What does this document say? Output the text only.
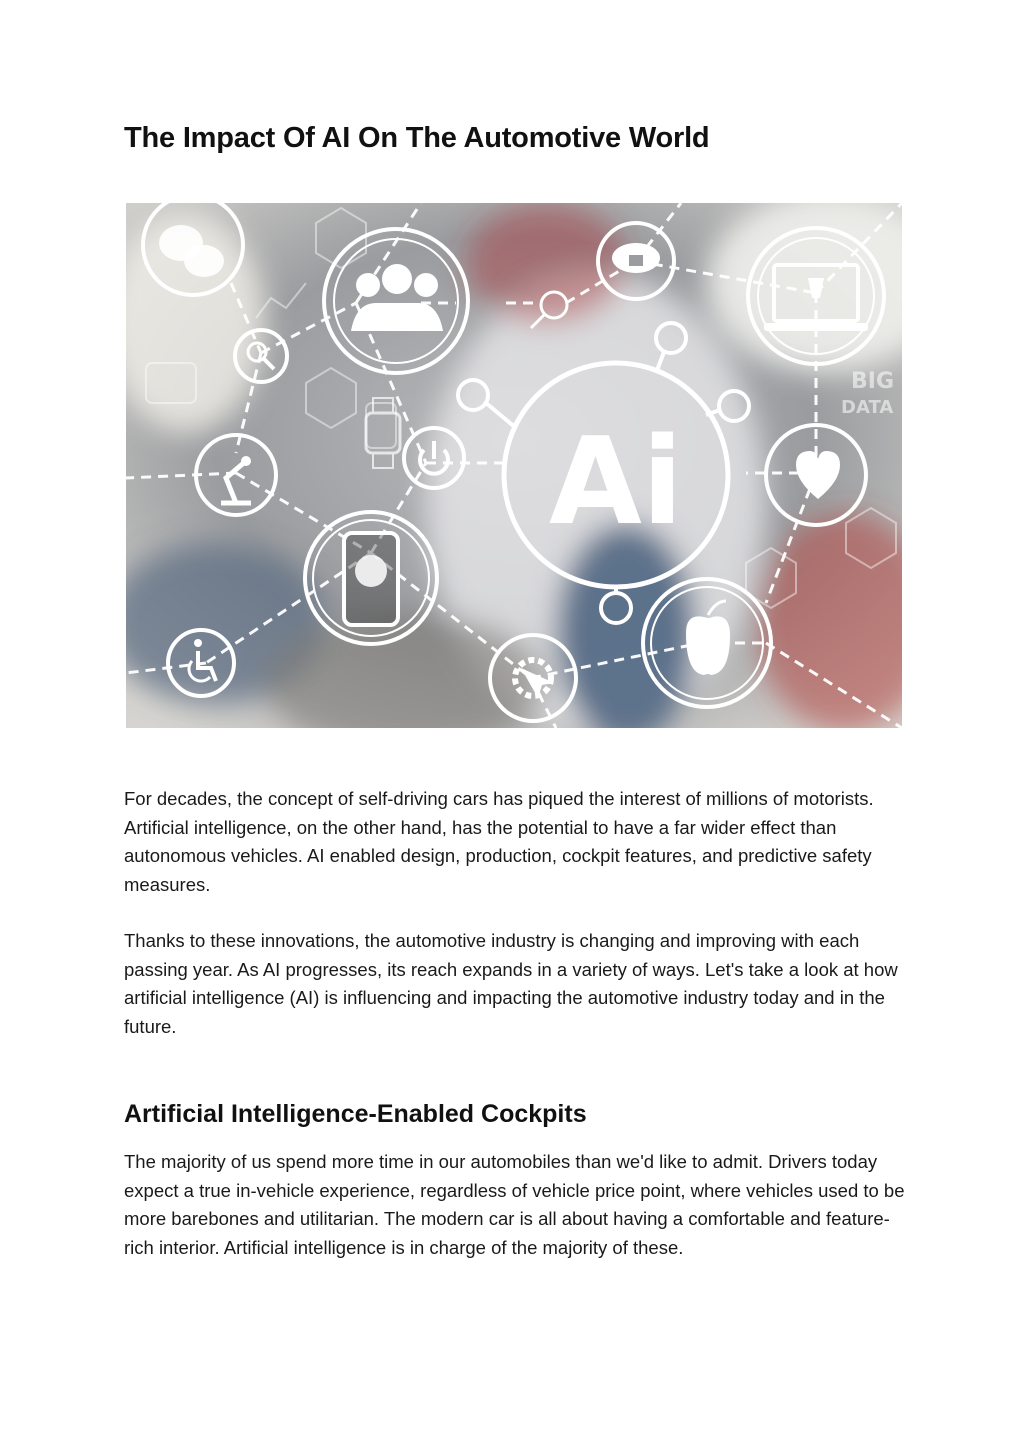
The Impact Of AI On The Automotive World
BIG
DATA
Ai

For decades, the concept of self-driving cars has piqued the interest of millions of motorists. Artificial intelligence, on the other hand, has the potential to have a far wider effect than autonomous vehicles. AI enabled design, production, cockpit features, and predictive safety measures.

Thanks to these innovations, the automotive industry is changing and improving with each passing year. As AI progresses, its reach expands in a variety of ways. Let's take a look at how artificial intelligence (AI) is influencing and impacting the automotive industry today and in the future.

Artificial Intelligence-Enabled Cockpits

The majority of us spend more time in our automobiles than we'd like to admit. Drivers today expect a true in-vehicle experience, regardless of vehicle price point, where vehicles used to be more barebones and utilitarian. The modern car is all about having a comfortable and feature-rich interior. Artificial intelligence is in charge of the majority of these.
